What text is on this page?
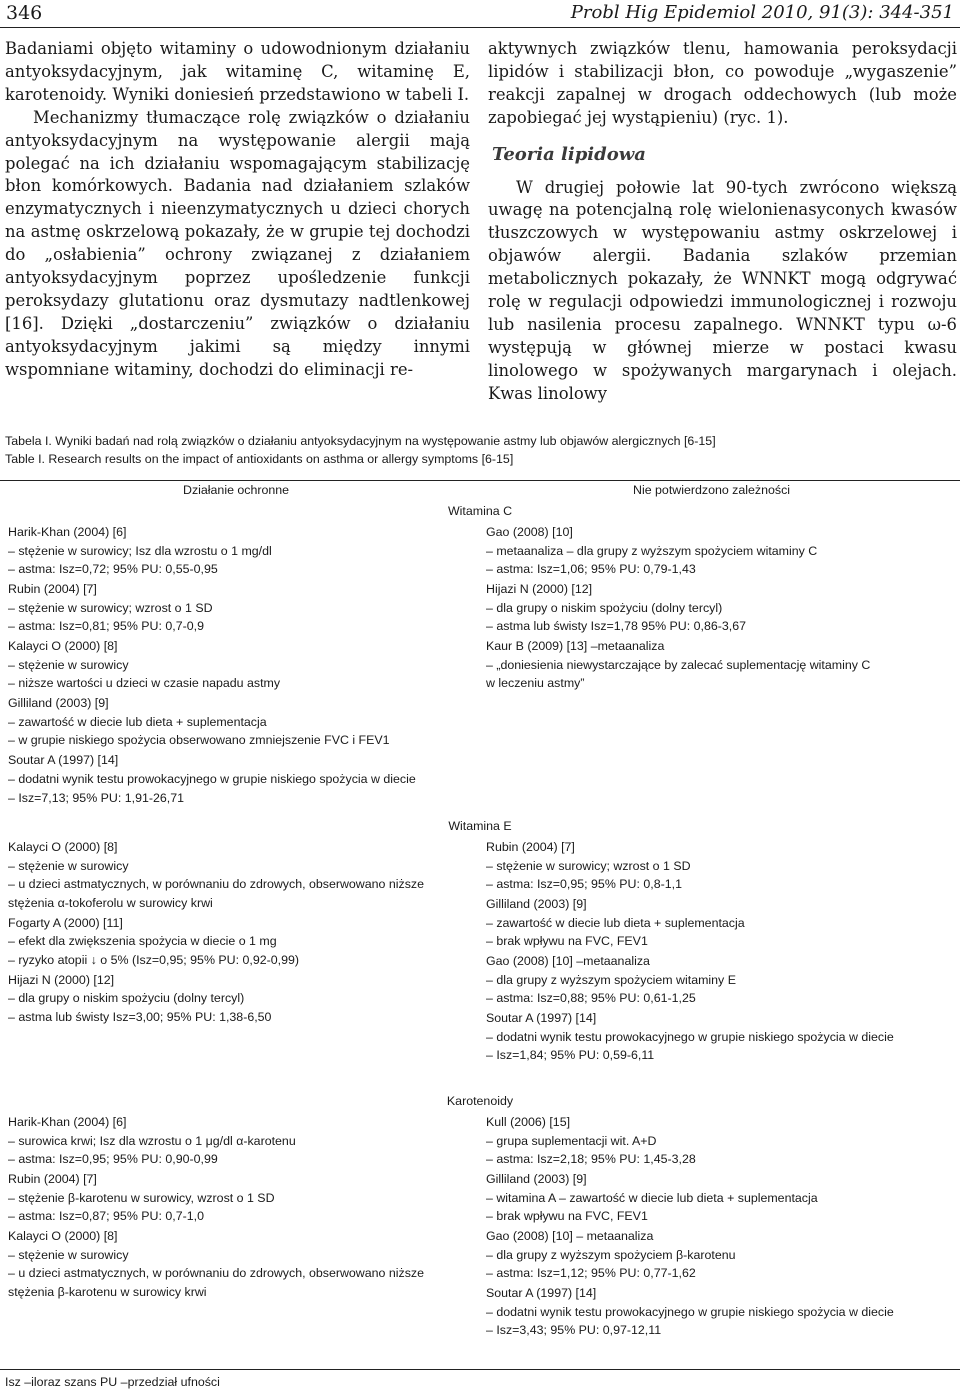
346	Probl Hig Epidemiol 2010, 91(3): 344-351

Badaniami objęto witaminy o udowodnionym działaniu antyoksydacyjnym, jak witaminę C, witaminę E, karotenoidy. Wyniki doniesień przedstawiono w tabeli I.

Mechanizmy tłumaczące rolę związków o działaniu antyoksydacyjnym na występowanie alergii mają polegać na ich działaniu wspomagającym stabilizację błon komórkowych. Badania nad działaniem szlaków enzymatycznych i nieenzymatycznych u dzieci chorych na astmę oskrzelową pokazały, że w grupie tej dochodzi do „osłabienia” ochrony związanej z działaniem antyoksydacyjnym poprzez upośledzenie funkcji peroksydazy glutationu oraz dysmutazy nadtlenkowej [16]. Dzięki „dostarczeniu” związków o działaniu antyoksydacyjnym jakimi są między innymi wspomniane witaminy, dochodzi do eliminacji re-

aktywnych związków tlenu, hamowania peroksydacji lipidów i stabilizacji błon, co powoduje „wygaszenie” reakcji zapalnej w drogach oddechowych (lub może zapobiegać jej wystąpieniu) (ryc. 1).

Teoria lipidowa

W drugiej połowie lat 90-tych zwrócono większą uwagę na potencjalną rolę wielonienasyconych kwasów tłuszczowych w występowaniu astmy oskrzelowej i objawów alergii. Badania szlaków przemian metabolicznych pokazały, że WNNKT mogą odgrywać rolę w regulacji odpowiedzi immunologicznej i rozwoju lub nasilenia procesu zapalnego. WNNKT typu ω-6 występują w głównej mierze w postaci kwasu linolowego w spożywanych margarynach i olejach. Kwas linolowy

Tabela I. Wyniki badań nad rolą związków o działaniu antyoksydacyjnym na występowanie astmy lub objawów alergicznych [6-15]
Table I. Research results on the impact of antioxidants on asthma or allergy symptoms [6-15]
Działanie ochronne	Nie potwierdzono zależności
Witamina C
Harik-Khan (2004) [6]
– stężenie w surowicy; Isz dla wzrostu o 1 mg/dl
– astma: Isz=0,72; 95% PU: 0,55-0,95
Rubin (2004) [7]
– stężenie w surowicy; wzrost o 1 SD
– astma: Isz=0,81; 95% PU: 0,7-0,9
Kalayci O (2000) [8]
– stężenie w surowicy
– niższe wartości u dzieci w czasie napadu astmy
Gilliland (2003) [9]
– zawartość w diecie lub dieta + suplementacja
– w grupie niskiego spożycia obserwowano zmniejszenie FVC i FEV1
Soutar A (1997) [14]
– dodatni wynik testu prowokacyjnego w grupie niskiego spożycia w diecie
– Isz=7,13; 95% PU: 1,91-26,71
Gao (2008) [10]
– metaanaliza – dla grupy z wyższym spożyciem witaminy C
– astma: Isz=1,06; 95% PU: 0,79-1,43
Hijazi N (2000) [12]
– dla grupy o niskim spożyciu (dolny tercyl)
– astma lub świsty Isz=1,78 95% PU: 0,86-3,67
Kaur B (2009) [13] –metaanaliza
– „doniesienia niewystarczające by zalecać suplementację witaminy C
w leczeniu astmy”
Witamina E
Kalayci O (2000) [8]
– stężenie w surowicy
– u dzieci astmatycznych, w porównaniu do zdrowych, obserwowano niższe
stężenia α-tokoferolu w surowicy krwi
Fogarty A (2000) [11]
– efekt dla zwiększenia spożycia w diecie o 1 mg
– ryzyko atopii ↓ o 5% (Isz=0,95; 95% PU: 0,92-0,99)
Hijazi N (2000) [12]
– dla grupy o niskim spożyciu (dolny tercyl)
– astma lub świsty Isz=3,00; 95% PU: 1,38-6,50
Rubin (2004) [7]
– stężenie w surowicy; wzrost o 1 SD
– astma: Isz=0,95; 95% PU: 0,8-1,1
Gilliland (2003) [9]
– zawartość w diecie lub dieta + suplementacja
– brak wpływu na FVC, FEV1
Gao (2008) [10] –metaanaliza
– dla grupy z wyższym spożyciem witaminy E
– astma: Isz=0,88; 95% PU: 0,61-1,25
Soutar A (1997) [14]
– dodatni wynik testu prowokacyjnego w grupie niskiego spożycia w diecie
– Isz=1,84; 95% PU: 0,59-6,11
Karotenoidy
Harik-Khan (2004) [6]
– surowica krwi; Isz dla wzrostu o 1 μg/dl α-karotenu
– astma: Isz=0,95; 95% PU: 0,90-0,99
Rubin (2004) [7]
– stężenie β-karotenu w surowicy, wzrost o 1 SD
– astma: Isz=0,87; 95% PU: 0,7-1,0
Kalayci O (2000) [8]
– stężenie w surowicy
– u dzieci astmatycznych, w porównaniu do zdrowych, obserwowano niższe
stężenia β-karotenu w surowicy krwi
Kull (2006) [15]
– grupa suplementacji wit. A+D
– astma: Isz=2,18; 95% PU: 1,45-3,28
Gilliland (2003) [9]
– witamina A – zawartość w diecie lub dieta + suplementacja
– brak wpływu na FVC, FEV1
Gao (2008) [10] – metaanaliza
– dla grupy z wyższym spożyciem β-karotenu
– astma: Isz=1,12; 95% PU: 0,77-1,62
Soutar A (1997) [14]
– dodatni wynik testu prowokacyjnego w grupie niskiego spożycia w diecie
– Isz=3,43; 95% PU: 0,97-12,11
Isz –iloraz szans PU –przedział ufności
